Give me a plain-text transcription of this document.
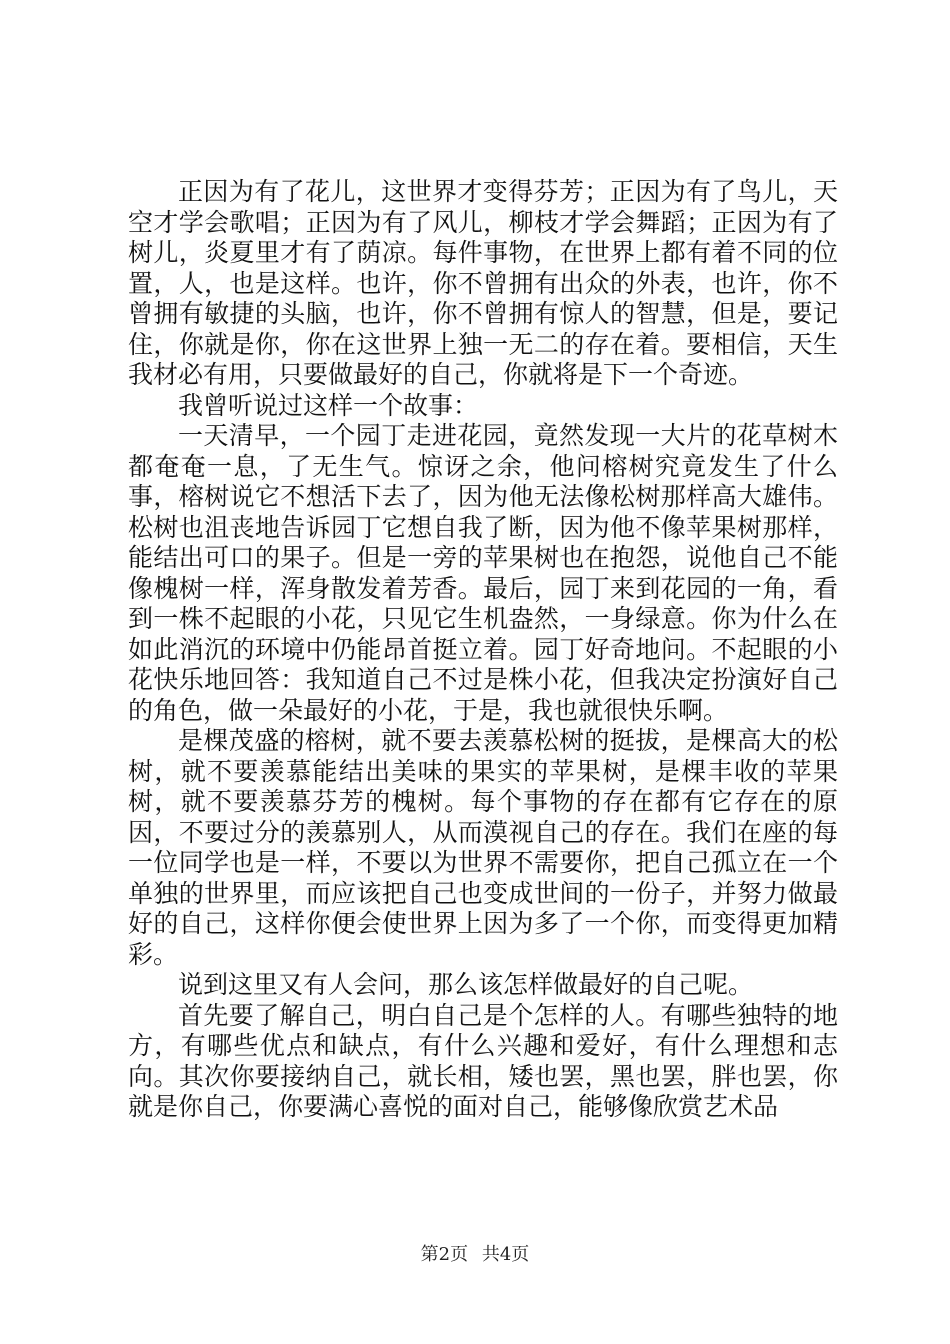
正因为有了花儿，这世界才变得芬芳；正因为有了鸟儿，天空才学会歌唱；正因为有了风儿，柳枝才学会舞蹈；正因为有了树儿，炎夏里才有了荫凉。每件事物，在世界上都有着不同的位置，人，也是这样。也许，你不曾拥有出众的外表，也许，你不曾拥有敏捷的头脑，也许，你不曾拥有惊人的智慧，但是，要记住，你就是你，你在这世界上独一无二的存在着。要相信，天生我材必有用，只要做最好的自己，你就将是下一个奇迹。

我曾听说过这样一个故事：

一天清早，一个园丁走进花园，竟然发现一大片的花草树木都奄奄一息，了无生气。惊讶之余，他问榕树究竟发生了什么事，榕树说它不想活下去了，因为他无法像松树那样高大雄伟。松树也沮丧地告诉园丁它想自我了断，因为他不像苹果树那样，能结出可口的果子。但是一旁的苹果树也在抱怨，说他自己不能像槐树一样，浑身散发着芳香。最后，园丁来到花园的一角，看到一株不起眼的小花，只见它生机盎然，一身绿意。你为什么在如此消沉的环境中仍能昂首挺立着。园丁好奇地问。不起眼的小花快乐地回答：我知道自己不过是株小花，但我决定扮演好自己的角色，做一朵最好的小花，于是，我也就很快乐啊。

是棵茂盛的榕树，就不要去羡慕松树的挺拔，是棵高大的松树，就不要羡慕能结出美味的果实的苹果树，是棵丰收的苹果树，就不要羡慕芬芳的槐树。每个事物的存在都有它存在的原因，不要过分的羡慕别人，从而漠视自己的存在。我们在座的每一位同学也是一样，不要以为世界不需要你，把自己孤立在一个单独的世界里，而应该把自己也变成世间的一份子，并努力做最好的自己，这样你便会使世界上因为多了一个你，而变得更加精彩。

说到这里又有人会问，那么该怎样做最好的自己呢。

首先要了解自己，明白自己是个怎样的人。有哪些独特的地方，有哪些优点和缺点，有什么兴趣和爱好，有什么理想和志向。其次你要接纳自己，就长相，矮也罢，黑也罢，胖也罢，你就是你自己，你要满心喜悦的面对自己，能够像欣赏艺术品

第2页 共4页
